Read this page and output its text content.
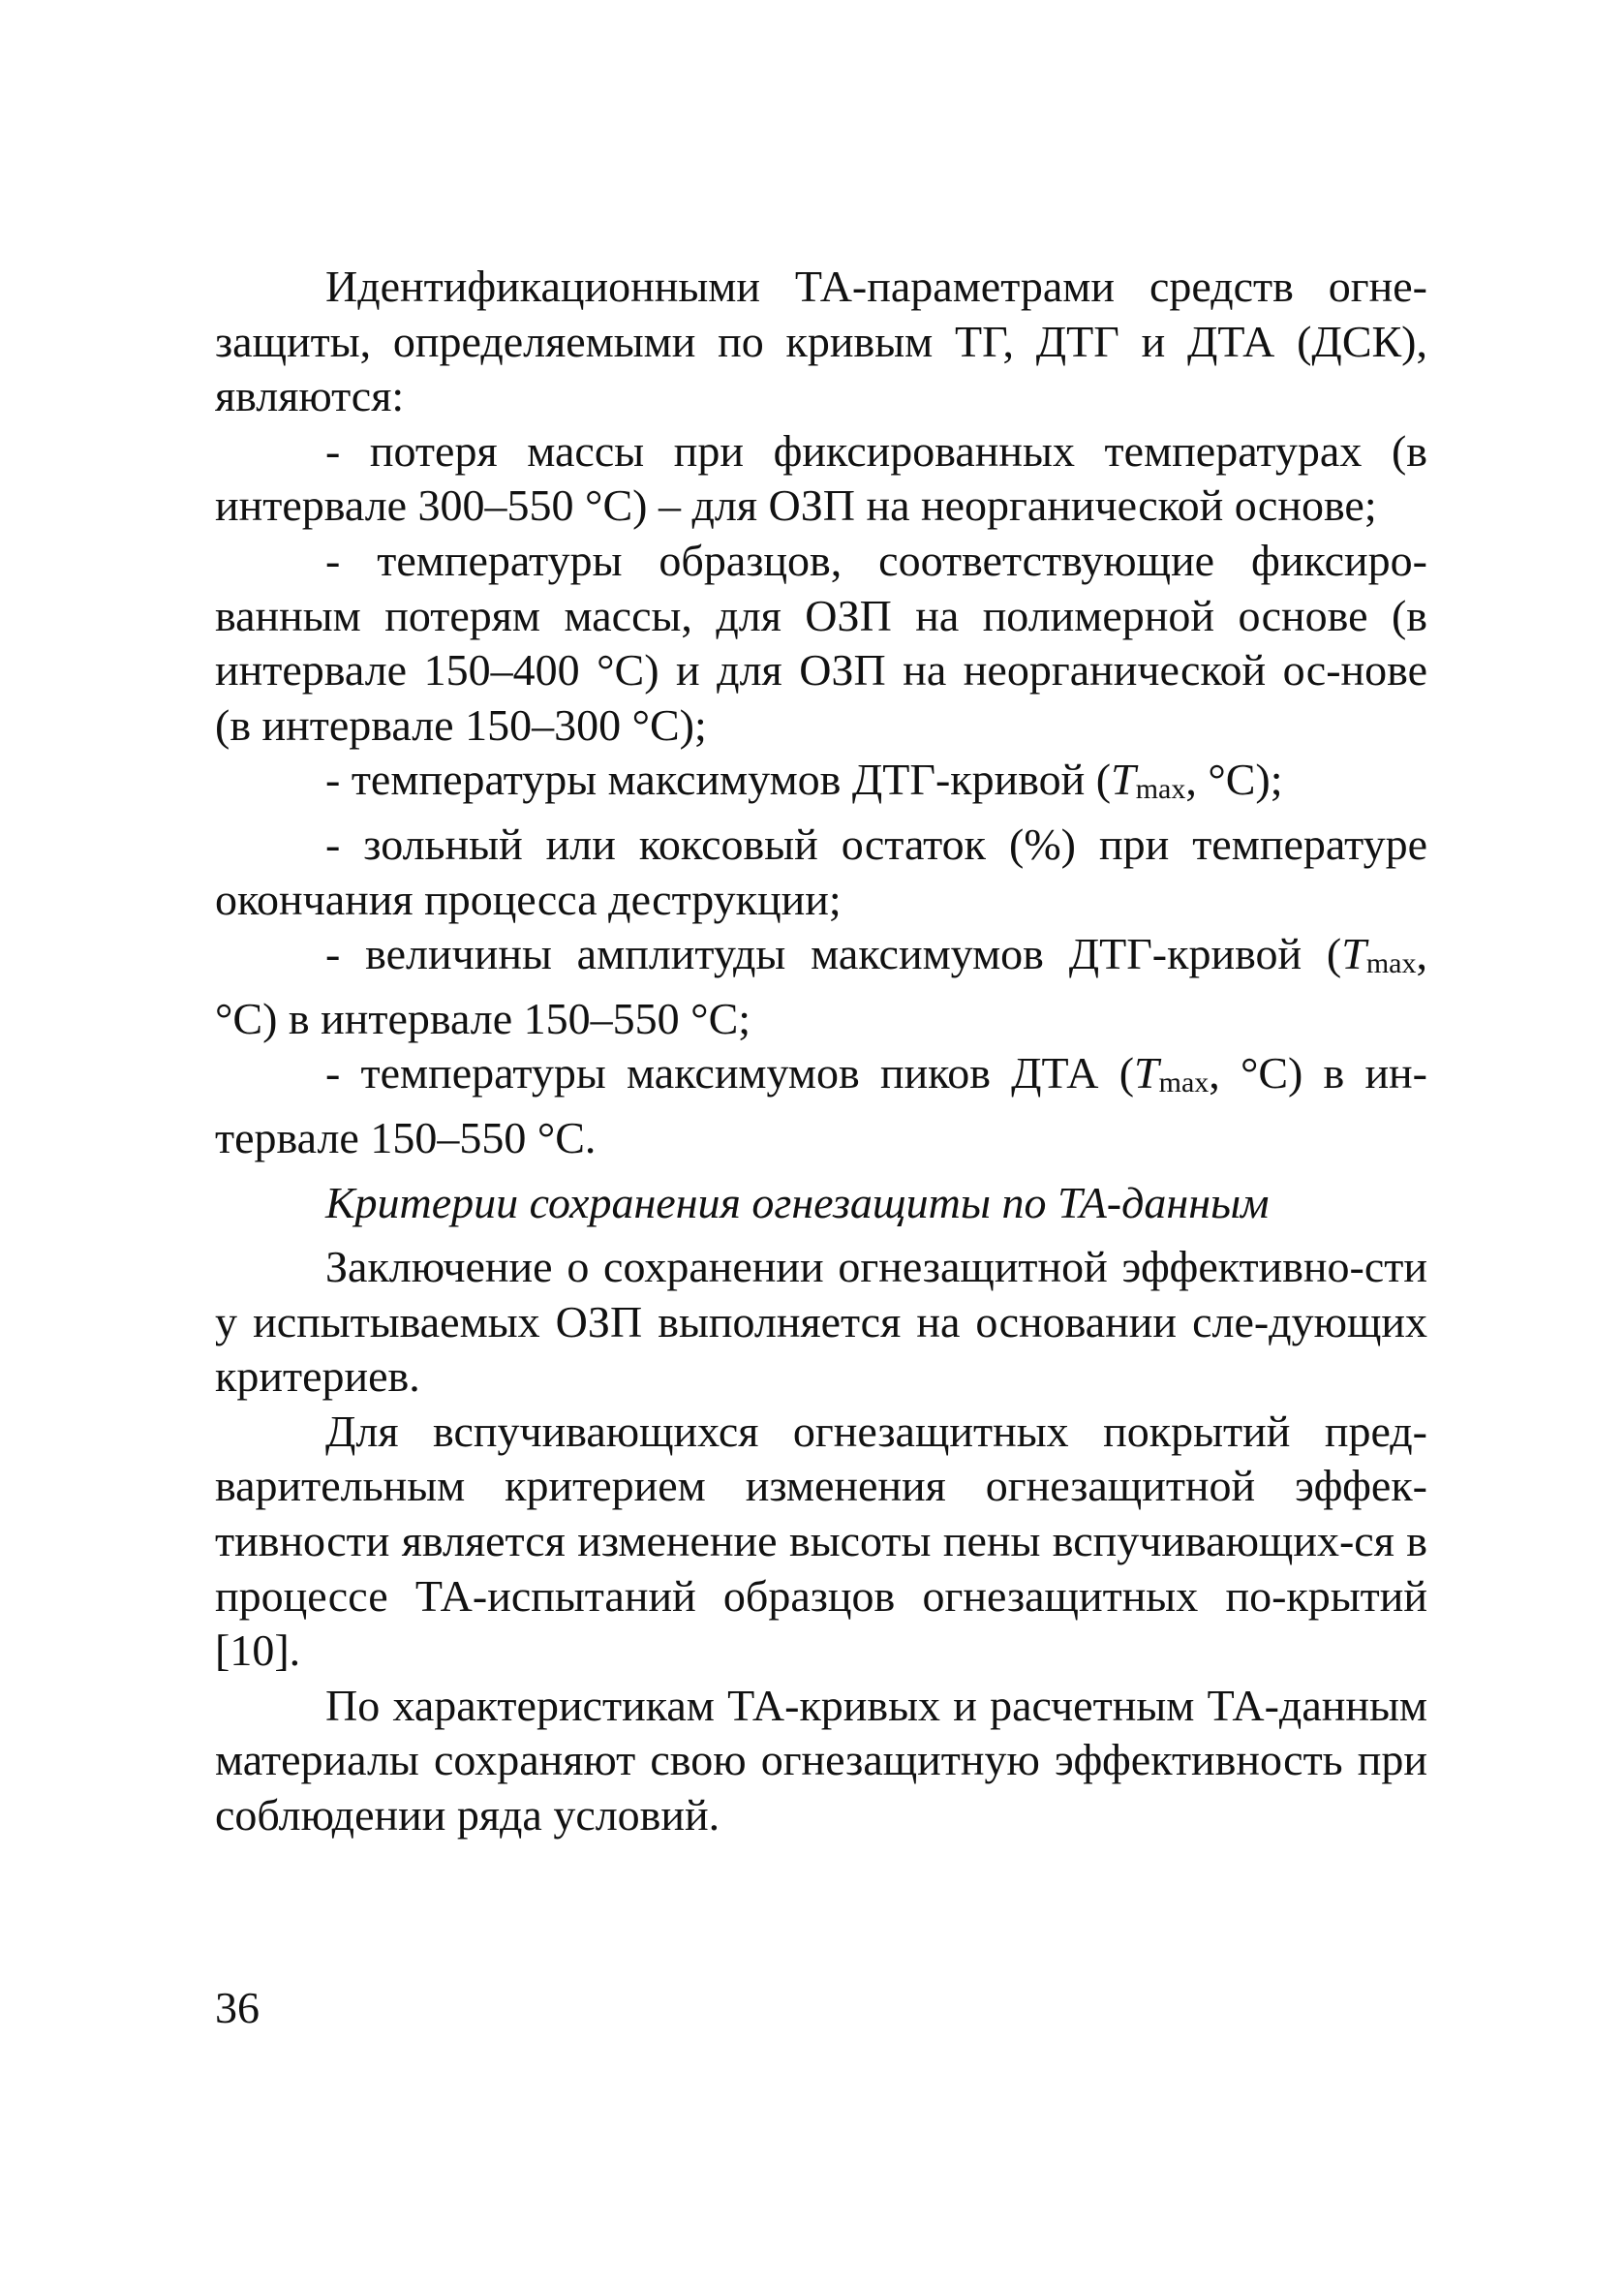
Идентификационными ТА-параметрами средств огне-защиты, определяемыми по кривым ТГ, ДТГ и ДТА (ДСК), являются:

- потеря массы при фиксированных температурах (в интервале 300–550 °С) – для ОЗП на неорганической основе;

- температуры образцов, соответствующие фиксиро-ванным потерям массы, для ОЗП на полимерной основе (в интервале 150–400 °С) и для ОЗП на неорганической ос-нове (в интервале 150–300 °С);

- температуры максимумов ДТГ-кривой (Tmax, °С);

- зольный или коксовый остаток (%) при температуре окончания процесса деструкции;

- величины амплитуды максимумов ДТГ-кривой (Tmax, °С) в интервале 150–550 °С;

- температуры максимумов пиков ДТА (Tmax, °С) в ин-тервале 150–550 °С.

Критерии сохранения огнезащиты по ТА-данным

Заключение о сохранении огнезащитной эффективно-сти у испытываемых ОЗП выполняется на основании сле-дующих критериев.

Для вспучивающихся огнезащитных покрытий пред-варительным критерием изменения огнезащитной эффек-тивности является изменение высоты пены вспучивающих-ся в процессе ТА-испытаний образцов огнезащитных по-крытий [10].

По характеристикам ТА-кривых и расчетным ТА-данным материалы сохраняют свою огнезащитную эффективность при соблюдении ряда условий.

36
